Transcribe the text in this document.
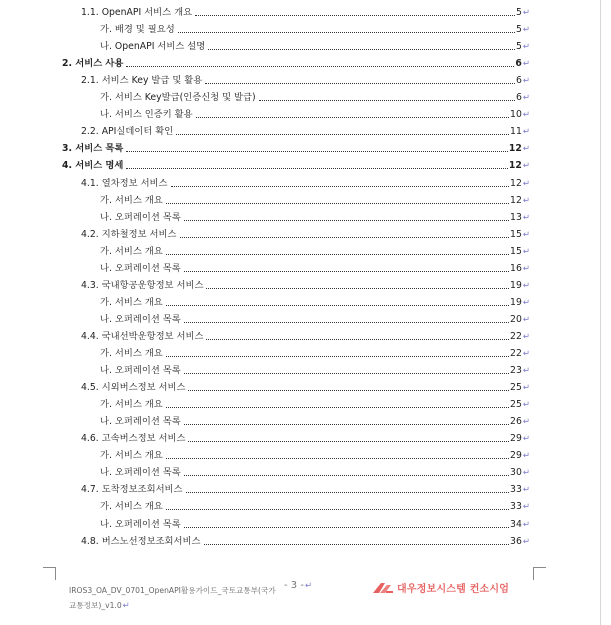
1.1. OpenAPI 서비스 개요	5 ↵
가. 배경 및 필요성	5 ↵
나. OpenAPI 서비스 설명	5 ↵
2. 서비스 사용	6 ↵
2.1. 서비스 Key 발급 및 활용	6 ↵
가. 서비스 Key발급(인증신청 및 발급)	6 ↵
나. 서비스 인증키 활용	10 ↵
2.2. API실데이터 확인	11 ↵
3. 서비스 목록	12 ↵
4. 서비스 명세	12 ↵
4.1. 열차정보 서비스	12 ↵
가. 서비스 개요	12 ↵
나. 오퍼레이션 목록	13 ↵
4.2. 지하철정보 서비스	15 ↵
가. 서비스 개요	15 ↵
나. 오퍼레이션 목록	16 ↵
4.3. 국내항공운항정보 서비스	19 ↵
가. 서비스 개요	19 ↵
나. 오퍼레이션 목록	20 ↵
4.4. 국내선박운항정보 서비스	22 ↵
가. 서비스 개요	22 ↵
나. 오퍼레이션 목록	23 ↵
4.5. 시외버스정보 서비스	25 ↵
가. 서비스 개요	25 ↵
나. 오퍼레이션 목록	26 ↵
4.6. 고속버스정보 서비스	29 ↵
가. 서비스 개요	29 ↵
나. 오퍼레이션 목록	30 ↵
4.7. 도착정보조회서비스	33 ↵
가. 서비스 개요	33 ↵
나. 오퍼레이션 목록	34 ↵
4.8. 버스노선정보조회서비스	36 ↵
IROS3_OA_DV_0701_OpenAPI활용가이드_국토교통부(국가
교통정보)_v1.0↵
- 3 -↵	대우정보시스템 컨소시엄
